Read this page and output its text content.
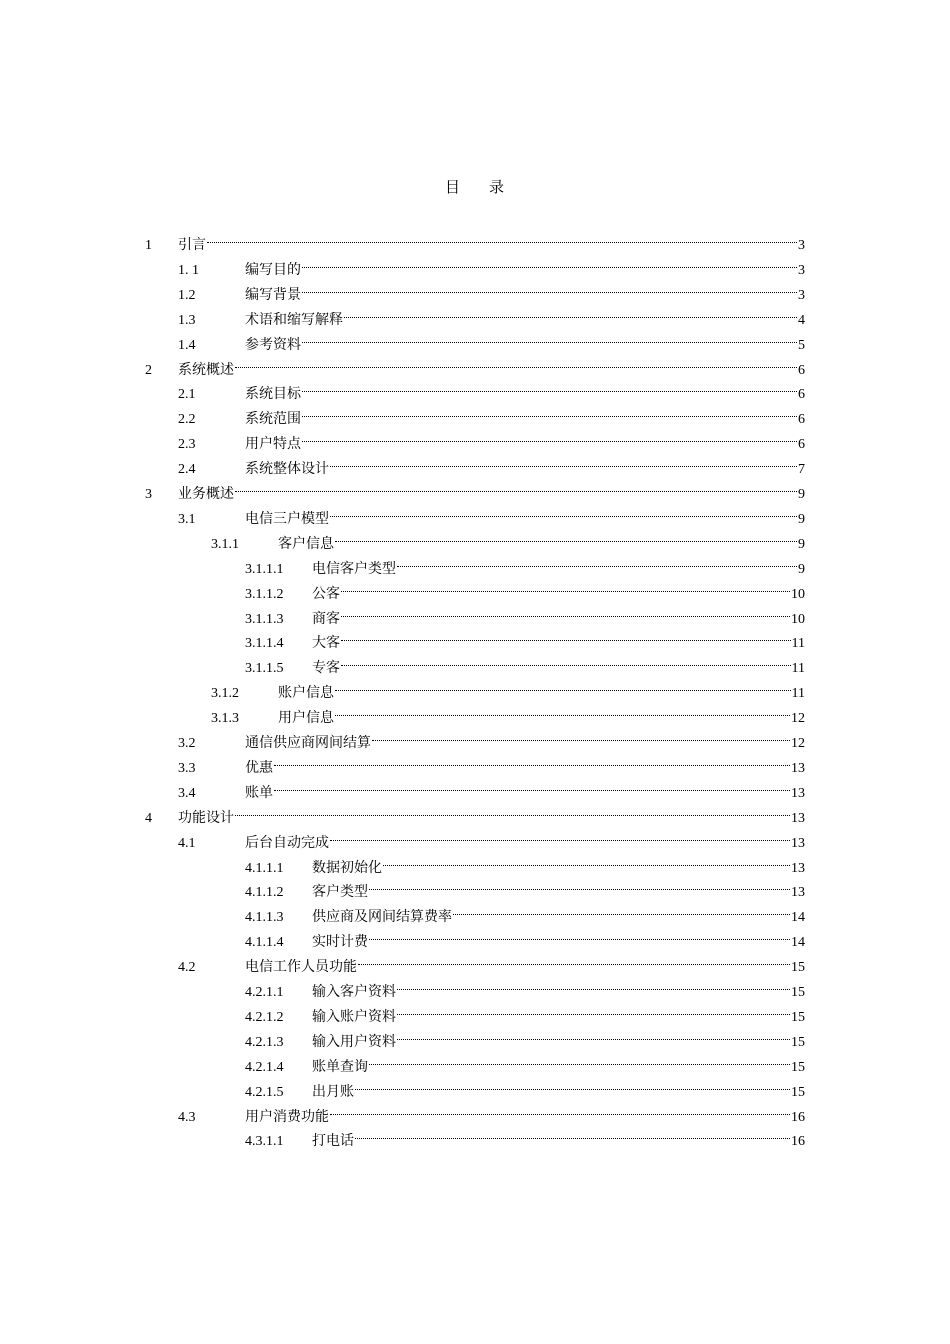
目 录
1	引言	3
1. 1	编写目的	3
1.2	编写背景	3
1.3	术语和缩写解释	4
1.4	参考资料	5
2	系统概述	6
2.1	系统目标	6
2.2	系统范围	6
2.3	用户特点	6
2.4	系统整体设计	7
3	业务概述	9
3.1	电信三户模型	9
3.1.1	客户信息	9
3.1.1.1	电信客户类型	9
3.1.1.2	公客	10
3.1.1.3	商客	10
3.1.1.4	大客	11
3.1.1.5	专客	11
3.1.2	账户信息	11
3.1.3	用户信息	12
3.2	通信供应商网间结算	12
3.3	优惠	13
3.4	账单	13
4	功能设计	13
4.1	后台自动完成	13
4.1.1.1	数据初始化	13
4.1.1.2	客户类型	13
4.1.1.3	供应商及网间结算费率	14
4.1.1.4	实时计费	14
4.2	电信工作人员功能	15
4.2.1.1	输入客户资料	15
4.2.1.2	输入账户资料	15
4.2.1.3	输入用户资料	15
4.2.1.4	账单查询	15
4.2.1.5	出月账	15
4.3	用户消费功能	16
4.3.1.1	打电话	16
